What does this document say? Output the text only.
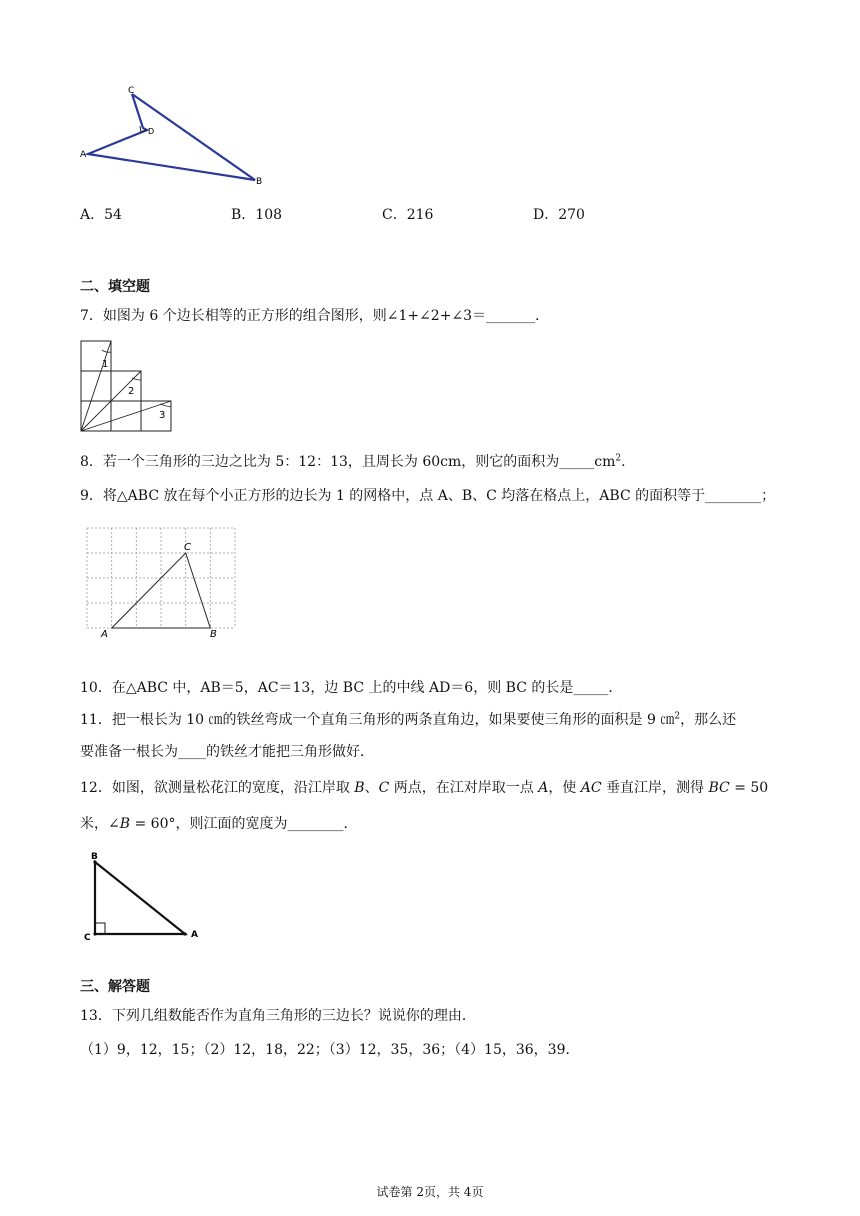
C
D
A
B
A．54	B．108	C．216	D．270
二、填空题
7．如图为 6 个边长相等的正方形的组合图形，则∠1+∠2+∠3＝_______．
1
2
3
8．若一个三角形的三边之比为 5：12：13，且周长为 60cm，则它的面积为$\_\_\_\_\_cm^2$.
9．将△ABC 放在每个小正方形的边长为 1 的网格中，点 A、B、C 均落在格点上，ABC 的面积等于________；
A	B
C
10．在△ABC 中，AB＝5，AC＝13，边 BC 上的中线 AD＝6，则 BC 的长是_____．
11．把一根长为 10 ㎝的铁丝弯成一个直角三角形的两条直角边，如果要使三角形的面积是 9 ㎝$^2$，那么还
要准备一根长为____的铁丝才能把三角形做好．
12．如图，欲测量松花江的宽度，沿江岸取 B、C 两点，在江对岸取一点 A，使 AC 垂直江岸，测得 BC = 50
米，∠B = 60°，则江面的宽度为________．
B
C	A
三、解答题
13．下列几组数能否作为直角三角形的三边长？说说你的理由．
（1）9，12，15；（2）12，18，22；（3）12，35，36；（4）15，36，39．
试卷第 2页，共 4页
